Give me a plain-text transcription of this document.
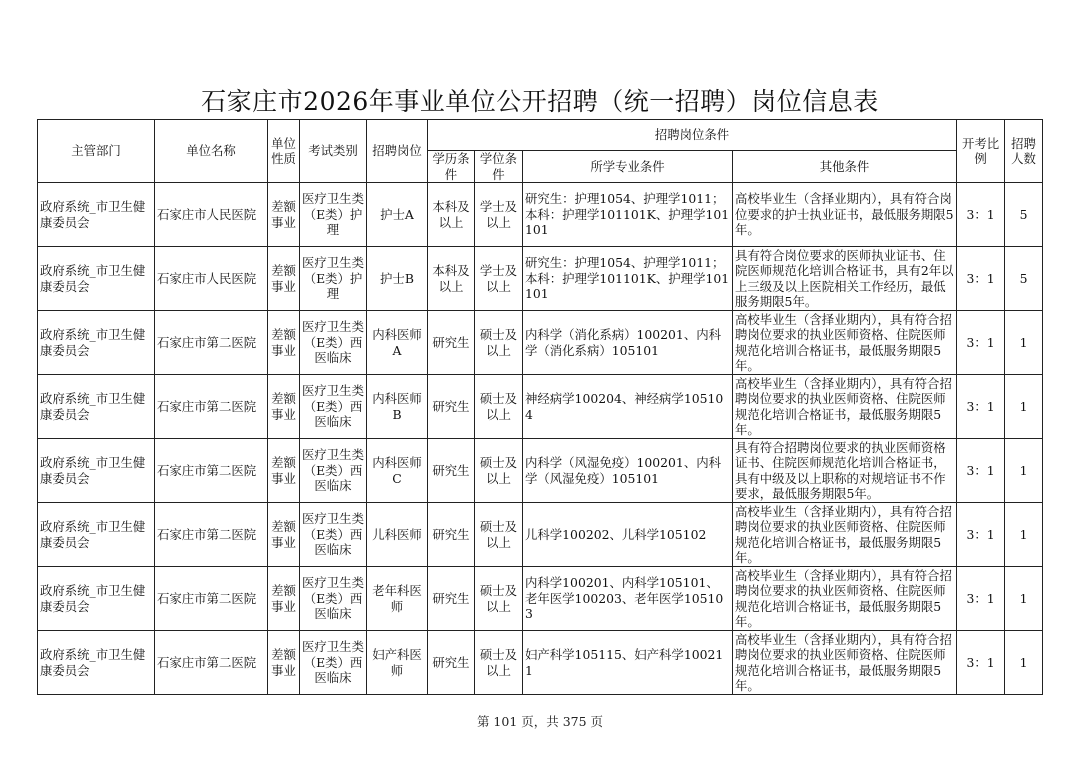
石家庄市2026年事业单位公开招聘（统一招聘）岗位信息表
主管部门	单位名称	单位性质	考试类别	招聘岗位	招聘岗位条件				开考比例	招聘人数
					学历条件	学位条件	所学专业条件	其他条件		
政府系统_市卫生健康委员会	石家庄市人民医院	差额事业	医疗卫生类（E类）护理	护士A	本科及以上	学士及以上	研究生：护理1054、护理学1011；本科：护理学101101K、护理学101101	高校毕业生（含择业期内），具有符合岗位要求的护士执业证书，最低服务期限5年。	3：1	5
政府系统_市卫生健康委员会	石家庄市人民医院	差额事业	医疗卫生类（E类）护理	护士B	本科及以上	学士及以上	研究生：护理1054、护理学1011；本科：护理学101101K、护理学101101	具有符合岗位要求的医师执业证书、住院医师规范化培训合格证书，具有2年以上三级及以上医院相关工作经历，最低服务期限5年。	3：1	5
政府系统_市卫生健康委员会	石家庄市第二医院	差额事业	医疗卫生类（E类）西医临床	内科医师A	研究生	硕士及以上	内科学（消化系病）100201、内科学（消化系病）105101	高校毕业生（含择业期内），具有符合招聘岗位要求的执业医师资格、住院医师规范化培训合格证书，最低服务期限5年。	3：1	1
政府系统_市卫生健康委员会	石家庄市第二医院	差额事业	医疗卫生类（E类）西医临床	内科医师B	研究生	硕士及以上	神经病学100204、神经病学105104	高校毕业生（含择业期内），具有符合招聘岗位要求的执业医师资格、住院医师规范化培训合格证书，最低服务期限5年。	3：1	1
政府系统_市卫生健康委员会	石家庄市第二医院	差额事业	医疗卫生类（E类）西医临床	内科医师C	研究生	硕士及以上	内科学（风湿免疫）100201、内科学（风湿免疫）105101	具有符合招聘岗位要求的执业医师资格证书、住院医师规范化培训合格证书，具有中级及以上职称的对规培证书不作要求，最低服务期限5年。	3：1	1
政府系统_市卫生健康委员会	石家庄市第二医院	差额事业	医疗卫生类（E类）西医临床	儿科医师	研究生	硕士及以上	儿科学100202、儿科学105102	高校毕业生（含择业期内），具有符合招聘岗位要求的执业医师资格、住院医师规范化培训合格证书，最低服务期限5年。	3：1	1
政府系统_市卫生健康委员会	石家庄市第二医院	差额事业	医疗卫生类（E类）西医临床	老年科医师	研究生	硕士及以上	内科学100201、内科学105101、老年医学100203、老年医学105103	高校毕业生（含择业期内），具有符合招聘岗位要求的执业医师资格、住院医师规范化培训合格证书，最低服务期限5年。	3：1	1
政府系统_市卫生健康委员会	石家庄市第二医院	差额事业	医疗卫生类（E类）西医临床	妇产科医师	研究生	硕士及以上	妇产科学105115、妇产科学100211	高校毕业生（含择业期内），具有符合招聘岗位要求的执业医师资格、住院医师规范化培训合格证书，最低服务期限5年。	3：1	1
第 101 页，共 375 页
